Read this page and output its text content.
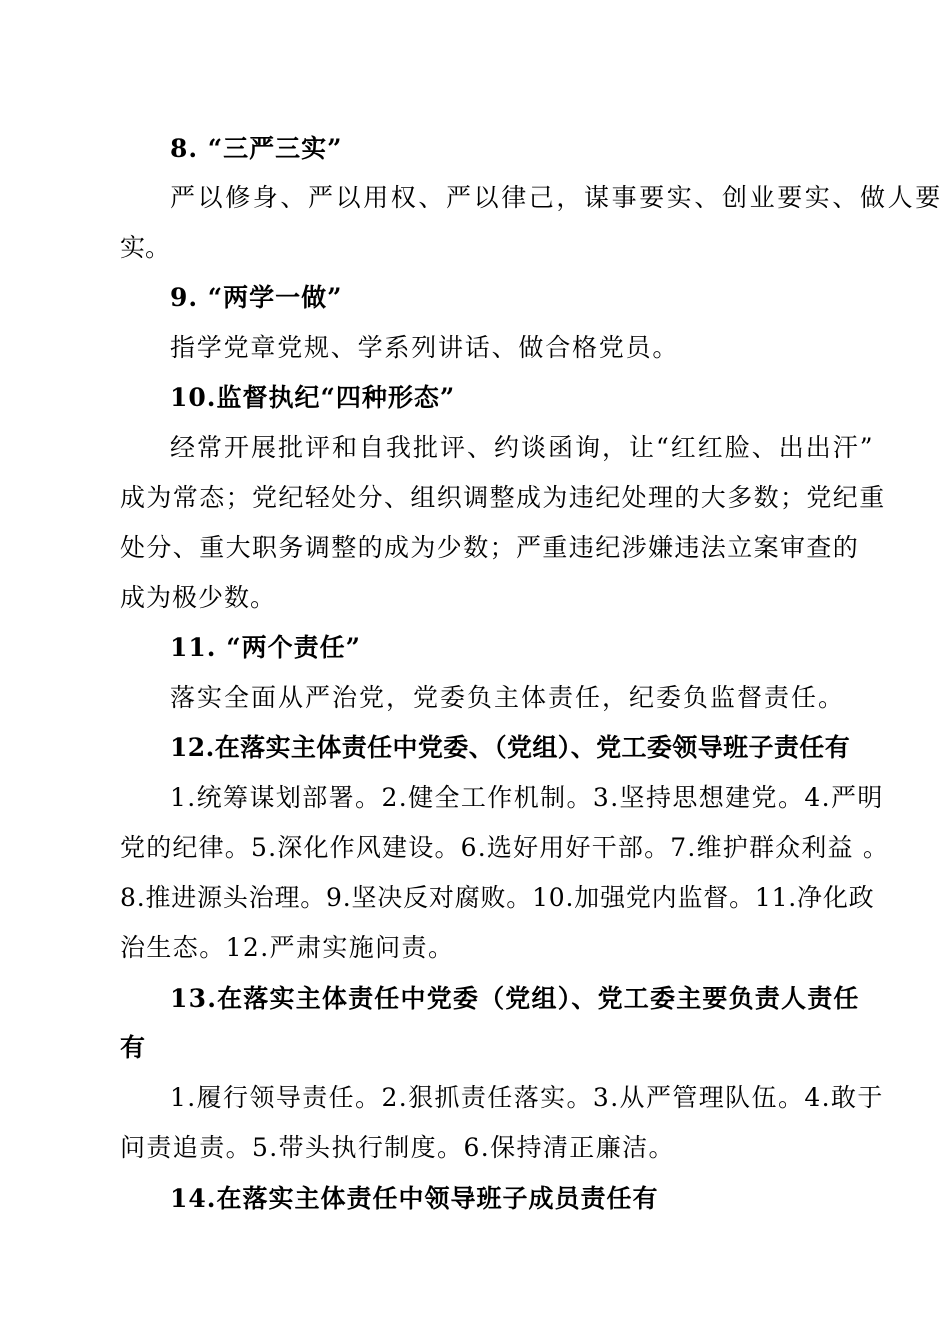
8. “三严三实”
严以修身、严以用权、严以律己，谋事要实、创业要实、做人要
实。
9. “两学一做”
指学党章党规、学系列讲话、做合格党员。
10.监督执纪“四种形态”
经常开展批评和自我批评、约谈函询，让“红红脸、出出汗”
成为常态；党纪轻处分、组织调整成为违纪处理的大多数；党纪重
处分、重大职务调整的成为少数；严重违纪涉嫌违法立案审查的
成为极少数。
11. “两个责任”
落实全面从严治党，党委负主体责任，纪委负监督责任。
12.在落实主体责任中党委、（党组）、党工委领导班子责任有
1.统筹谋划部署。2.健全工作机制。3.坚持思想建党。4.严明
党的纪律。5.深化作风建设。6.选好用好干部。7.维护群众利益 。
8.推进源头治理。9.坚决反对腐败。10.加强党内监督。11.净化政
治生态。12.严肃实施问责。
13.在落实主体责任中党委（党组）、党工委主要负责人责任
有
1.履行领导责任。2.狠抓责任落实。3.从严管理队伍。4.敢于
问责追责。5.带头执行制度。6.保持清正廉洁。
14.在落实主体责任中领导班子成员责任有
